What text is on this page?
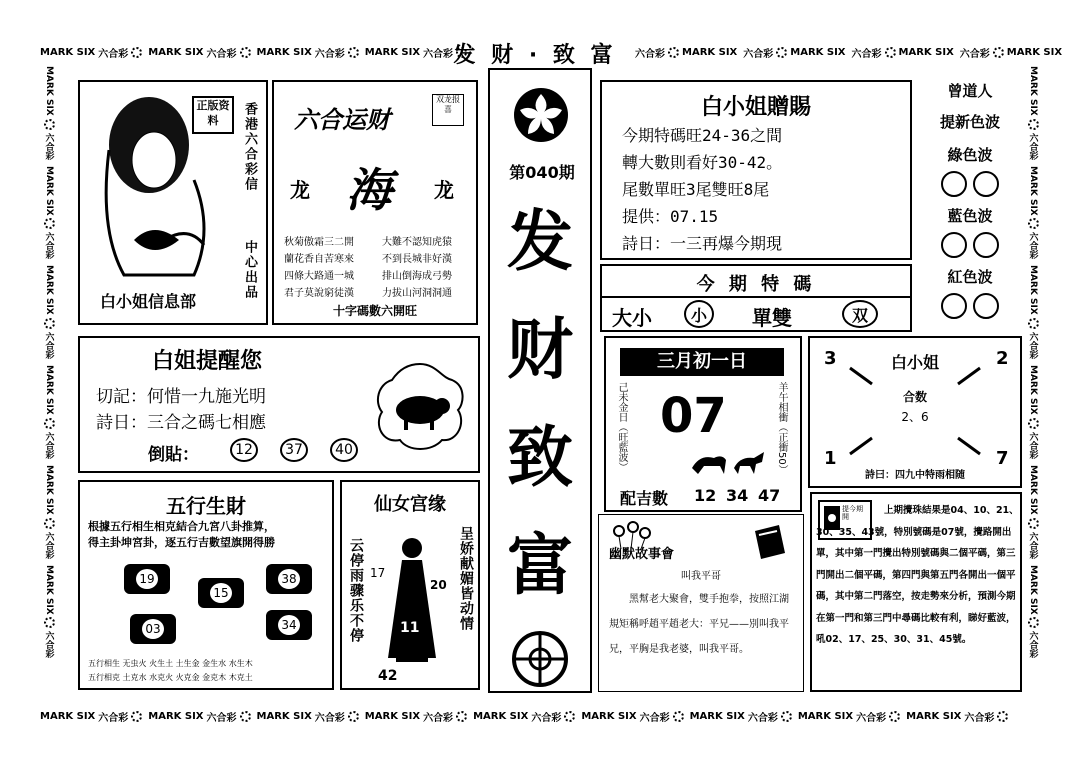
MARK SIX 六合彩 MARK SIX 六合彩 MARK SIX 六合彩 MARK SIX 六合彩 发 财 · 致 富	六合彩 MARK SIX 六合彩 MARK SIX 六合彩 MARK SIX 六合彩 MARK SIX
MARK SIX 六合彩 MARK SIX 六合彩 MARK SIX 六合彩 MARK SIX 六合彩 MARK SIX 六合彩 MARK SIX 六合彩 MARK SIX 六合彩 MARK SIX 六合彩 MARK SIX 六合彩
MARK SIX
六合彩
MARK SIX
六合彩
MARK SIX
六合彩
MARK SIX
六合彩
MARK SIX
六合彩
MARK SIX
六合彩
MARK SIX
六合彩
MARK SIX
六合彩
MARK SIX
六合彩
MARK SIX
六合彩
MARK SIX
六合彩
MARK SIX
六合彩
正版资料	香港六合彩信
中心出品
白小姐信息部
六合运财
双龙报喜
龙 海 龙
秋菊傲霜三二開
蘭花香自苦寒來
四條大路通一城
君子莫說窮徒漢
大難不認知虎猿
不到長城非好漢
排山倒海成弓勢
力拔山河洞洞通
十字碼數六開旺
第040期
发
财
致
富
白小姐贈賜
今期特碼旺24-36之間
轉大數則看好30-42。
尾數單旺3尾雙旺8尾
提供：07.15
詩日：一三再爆今期現
今 期 特 碼
大小	小	單雙	双
曾道人
提新色波
綠色波
藍色波
紅色波
白姐提醒您
切記：何惜一九施光明
詩日：三合之碼七相應
倒貼：	12	37	40
三月初一日
己未金日（旺藍波）	羊午相衝（正衝50）
07
配吉數 12 34 47
白小姐
3	2
1	7
合数
2、6
詩曰：四九中特雨相随
五行生財
根據五行相生相克結合九宮八卦推算，
得主卦坤宮卦，逐五行吉數望旗開得勝
19
15
38
03	34
五行相生 无虫火 火生土 土生金 金生水 水生木
五行相克 土克水 水克火 火克金 金克木 木克土
仙女宫缘
云停雨骤乐不停	呈娇献媚皆动情
17
20
11
42
幽默故事會
叫我平哥
黑幫老大聚會，雙手抱拳，按照江湖規矩稱呼趙平趙老大：平兄——別叫我平兄，平胸是我老婆，叫我平哥。
提今期開
上期攪珠結果是04、10、21、30、35、43號，特別號碼是07號，攪路開出單，其中第一門攪出特別號碼與二個平碼，第三門開出二個平碼，第四門與第五門各開出一個平碼，其中第二門落空，按走勢來分析，預測今期在第一門和第三門中尋碼比較有利，睇好藍波，吼02、17、25、30、31、45號。
